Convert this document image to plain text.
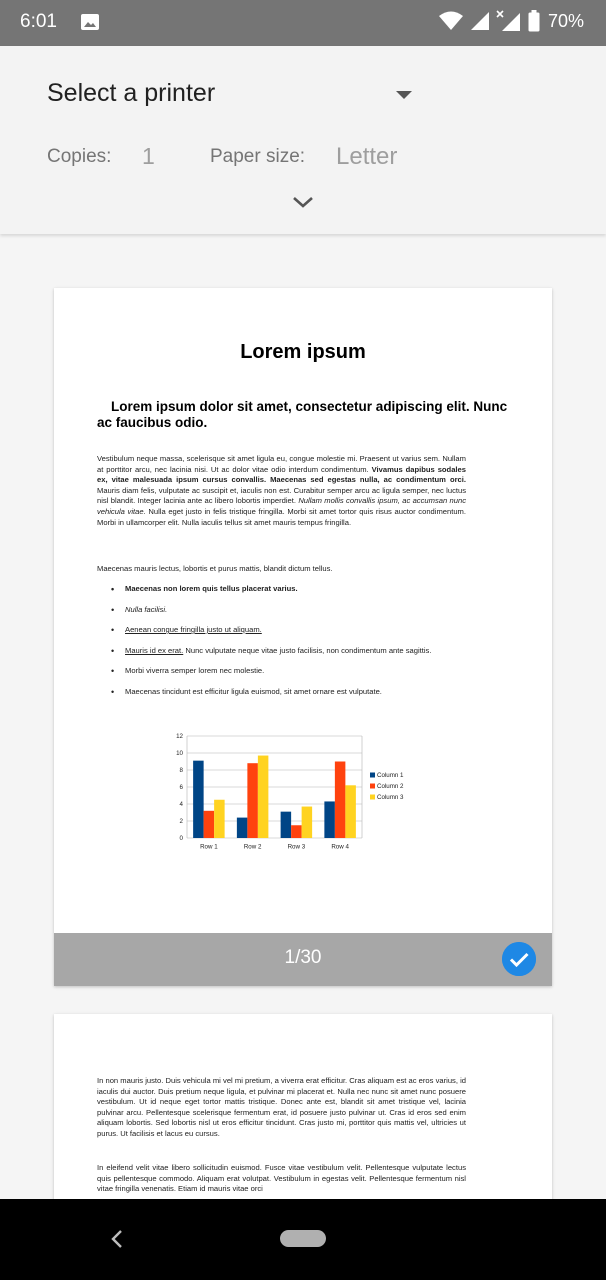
6:01	70%
Select a printer
Copies: 1	Paper size: Letter
Lorem ipsum
Lorem ipsum dolor sit amet, consectetur adipiscing elit. Nunc ac faucibus odio.
Vestibulum neque massa, scelerisque sit amet ligula eu, congue molestie mi. Praesent ut varius sem. Nullam at porttitor arcu, nec lacinia nisi. Ut ac dolor vitae odio interdum condimentum. Vivamus dapibus sodales ex, vitae malesuada ipsum cursus convallis. Maecenas sed egestas nulla, ac condimentum orci. Mauris diam felis, vulputate ac suscipit et, iaculis non est. Curabitur semper arcu ac ligula semper, nec luctus nisl blandit. Integer lacinia ante ac libero lobortis imperdiet. Nullam mollis convallis ipsum, ac accumsan nunc vehicula vitae. Nulla eget justo in felis tristique fringilla. Morbi sit amet tortor quis risus auctor condimentum. Morbi in ullamcorper elit. Nulla iaculis tellus sit amet mauris tempus fringilla.
Maecenas mauris lectus, lobortis et purus mattis, blandit dictum tellus.
• Maecenas non lorem quis tellus placerat varius.
• Nulla facilisi.
• Aenean congue fringilla justo ut aliquam.
• Mauris id ex erat. Nunc vulputate neque vitae justo facilisis, non condimentum ante sagittis.
• Morbi viverra semper lorem nec molestie.
• Maecenas tincidunt est efficitur ligula euismod, sit amet ornare est vulputate.
0
2
4
6
8
10
12
Row 1	Row 2	Row 3	Row 4
Column 1
Column 2
Column 3
1/30
In non mauris justo. Duis vehicula mi vel mi pretium, a viverra erat efficitur. Cras aliquam est ac eros varius, id iaculis dui auctor. Duis pretium neque ligula, et pulvinar mi placerat et. Nulla nec nunc sit amet nunc posuere vestibulum. Ut id neque eget tortor mattis tristique. Donec ante est, blandit sit amet tristique vel, lacinia pulvinar arcu. Pellentesque scelerisque fermentum erat, id posuere justo pulvinar ut. Cras id eros sed enim aliquam lobortis. Sed lobortis nisl ut eros efficitur tincidunt. Cras justo mi, porttitor quis mattis vel, ultricies ut purus. Ut facilisis et lacus eu cursus.
In eleifend velit vitae libero sollicitudin euismod. Fusce vitae vestibulum velit. Pellentesque vulputate lectus quis pellentesque commodo. Aliquam erat volutpat. Vestibulum in egestas velit. Pellentesque fermentum nisl vitae fringilla venenatis. Etiam id mauris vitae orci
